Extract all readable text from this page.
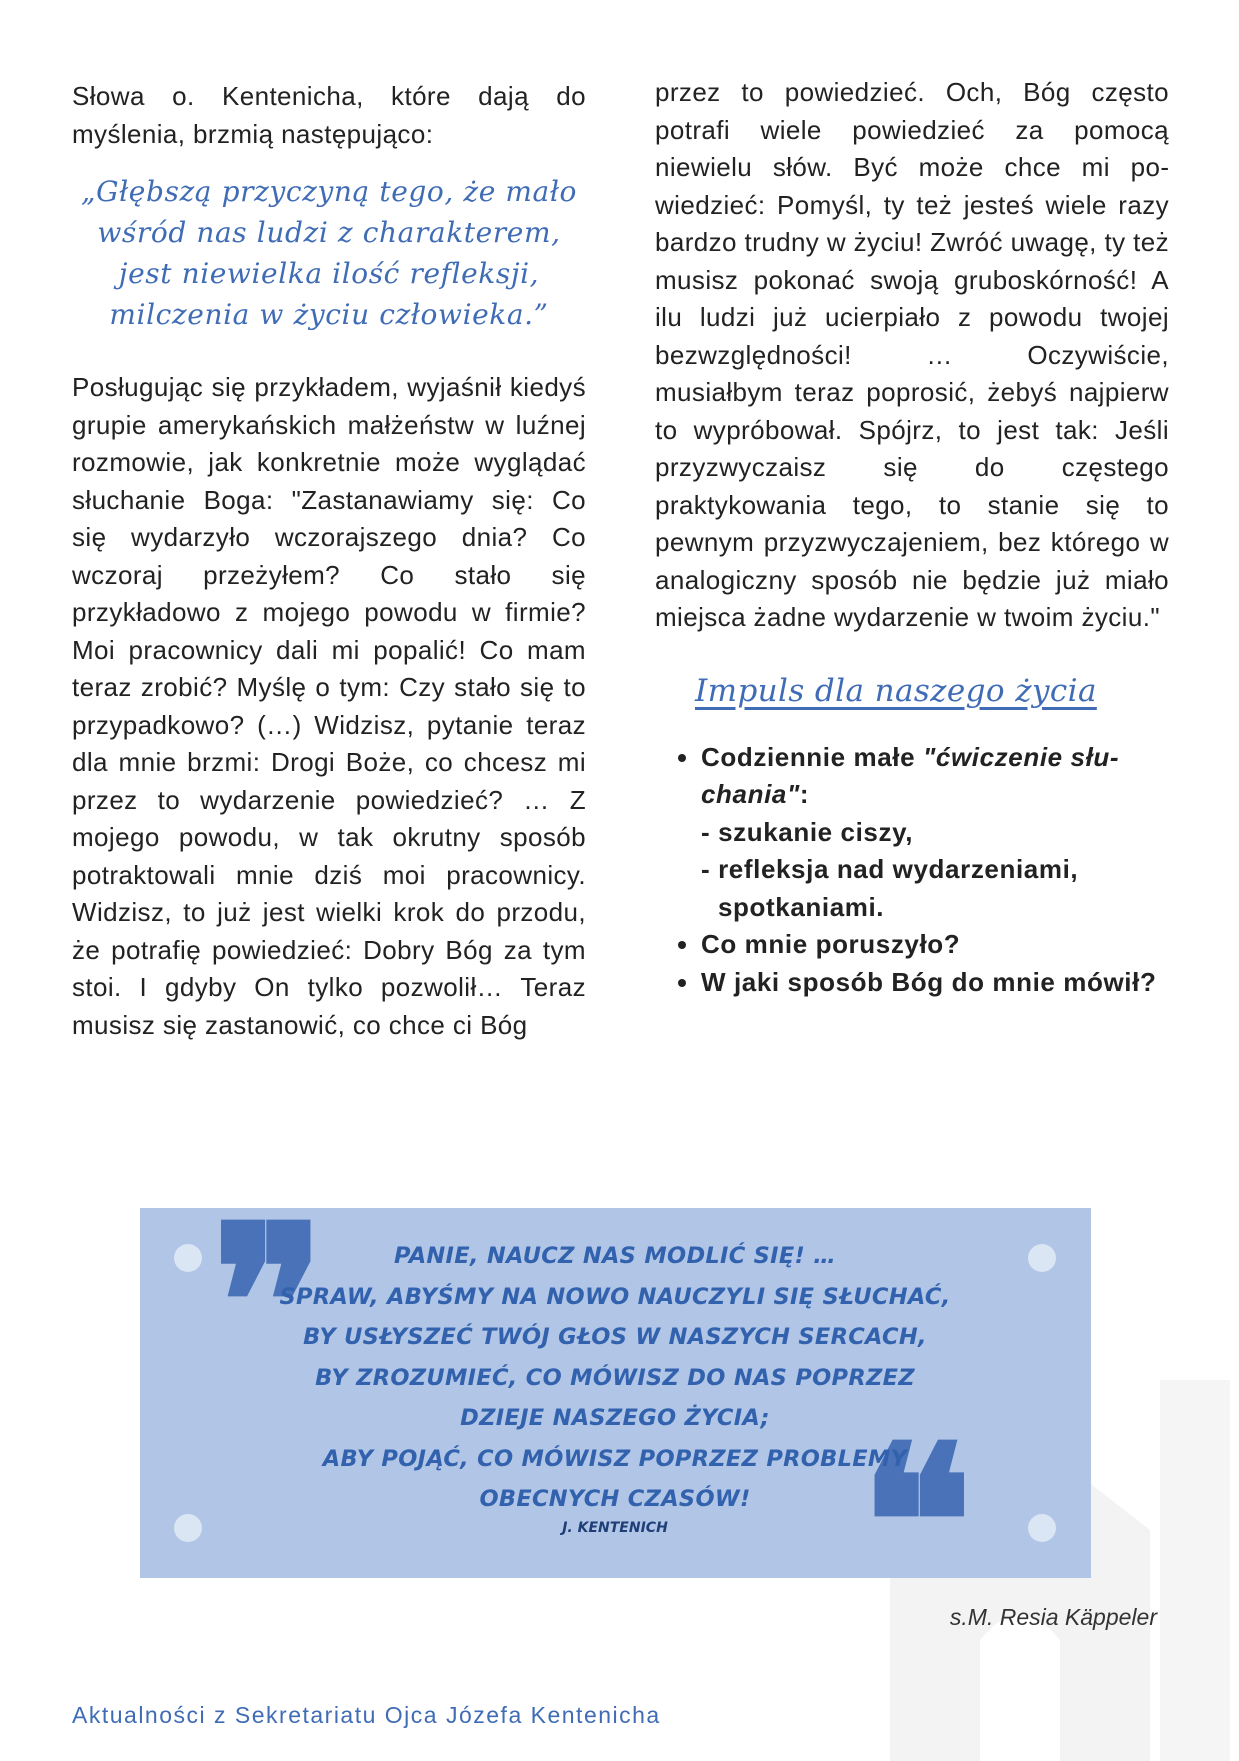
Słowa o. Kentenicha, które dają do myślenia, brzmią następująco:

„Głębszą przyczyną tego, że mało
wśród nas ludzi z charakterem,
jest niewielka ilość refleksji,
milczenia w życiu człowieka.”

Posługując się przykładem, wyjaśnił kiedyś grupie amerykańskich małżeństw w luźnej rozmowie, jak konkretnie może wyglądać słuchanie Boga: "Zastanawiamy się: Co się wydarzyło wczorajszego dnia? Co wczoraj przeżyłem? Co stało się przykładowo z mojego powodu w firmie? Moi pracownicy dali mi popalić! Co mam teraz zrobić? Myślę o tym: Czy stało się to przypadkowo? (…) Widzisz, pytanie teraz dla mnie brzmi: Drogi Boże, co chcesz mi przez to wydarzenie powiedzieć? … Z mojego powodu, w tak okrutny sposób potraktowali mnie dziś moi pracownicy. Widzisz, to już jest wielki krok do przodu, że potrafię powiedzieć: Dobry Bóg za tym stoi. I gdyby On tylko pozwolił… Teraz musisz się zastanowić, co chce ci Bóg

przez to powiedzieć. Och, Bóg często potrafi wiele powiedzieć za pomocą niewielu słów. Być może chce mi powiedzieć: Pomyśl, ty też jesteś wiele razy bardzo trudny w życiu! Zwróć uwagę, ty też musisz pokonać swoją gruboskórność! A ilu ludzi już ucierpiało z powodu twojej bezwzględności! … Oczywiście, musiałbym teraz poprosić, żebyś najpierw to wypróbował. Spójrz, to jest tak: Jeśli przyzwyczaisz się do częstego praktykowania tego, to stanie się to pewnym przyzwyczajeniem, bez którego w analogiczny sposób nie będzie już miało miejsca żadne wydarzenie w twoim życiu."

Impuls dla naszego życia
• Codziennie małe "ćwiczenie słuchania":
- szukanie ciszy,
- refleksja nad wydarzeniami,
spotkaniami.
• Co mnie poruszyło?
• W jaki sposób Bóg do mnie mówił?
❞
❝
PANIE, NAUCZ NAS MODLIĆ SIĘ! …
SPRAW, ABYŚMY NA NOWO NAUCZYLI SIĘ SŁUCHAĆ,
BY USŁYSZEĆ TWÓJ GŁOS W NASZYCH SERCACH,
BY ZROZUMIEĆ, CO MÓWISZ DO NAS POPRZEZ
DZIEJE NASZEGO ŻYCIA;
ABY POJĄĆ, CO MÓWISZ POPRZEZ PROBLEMY
OBECNYCH CZASÓW!
J. KENTENICH
s.M. Resia Käppeler
Aktualności z Sekretariatu Ojca Józefa Kentenicha
